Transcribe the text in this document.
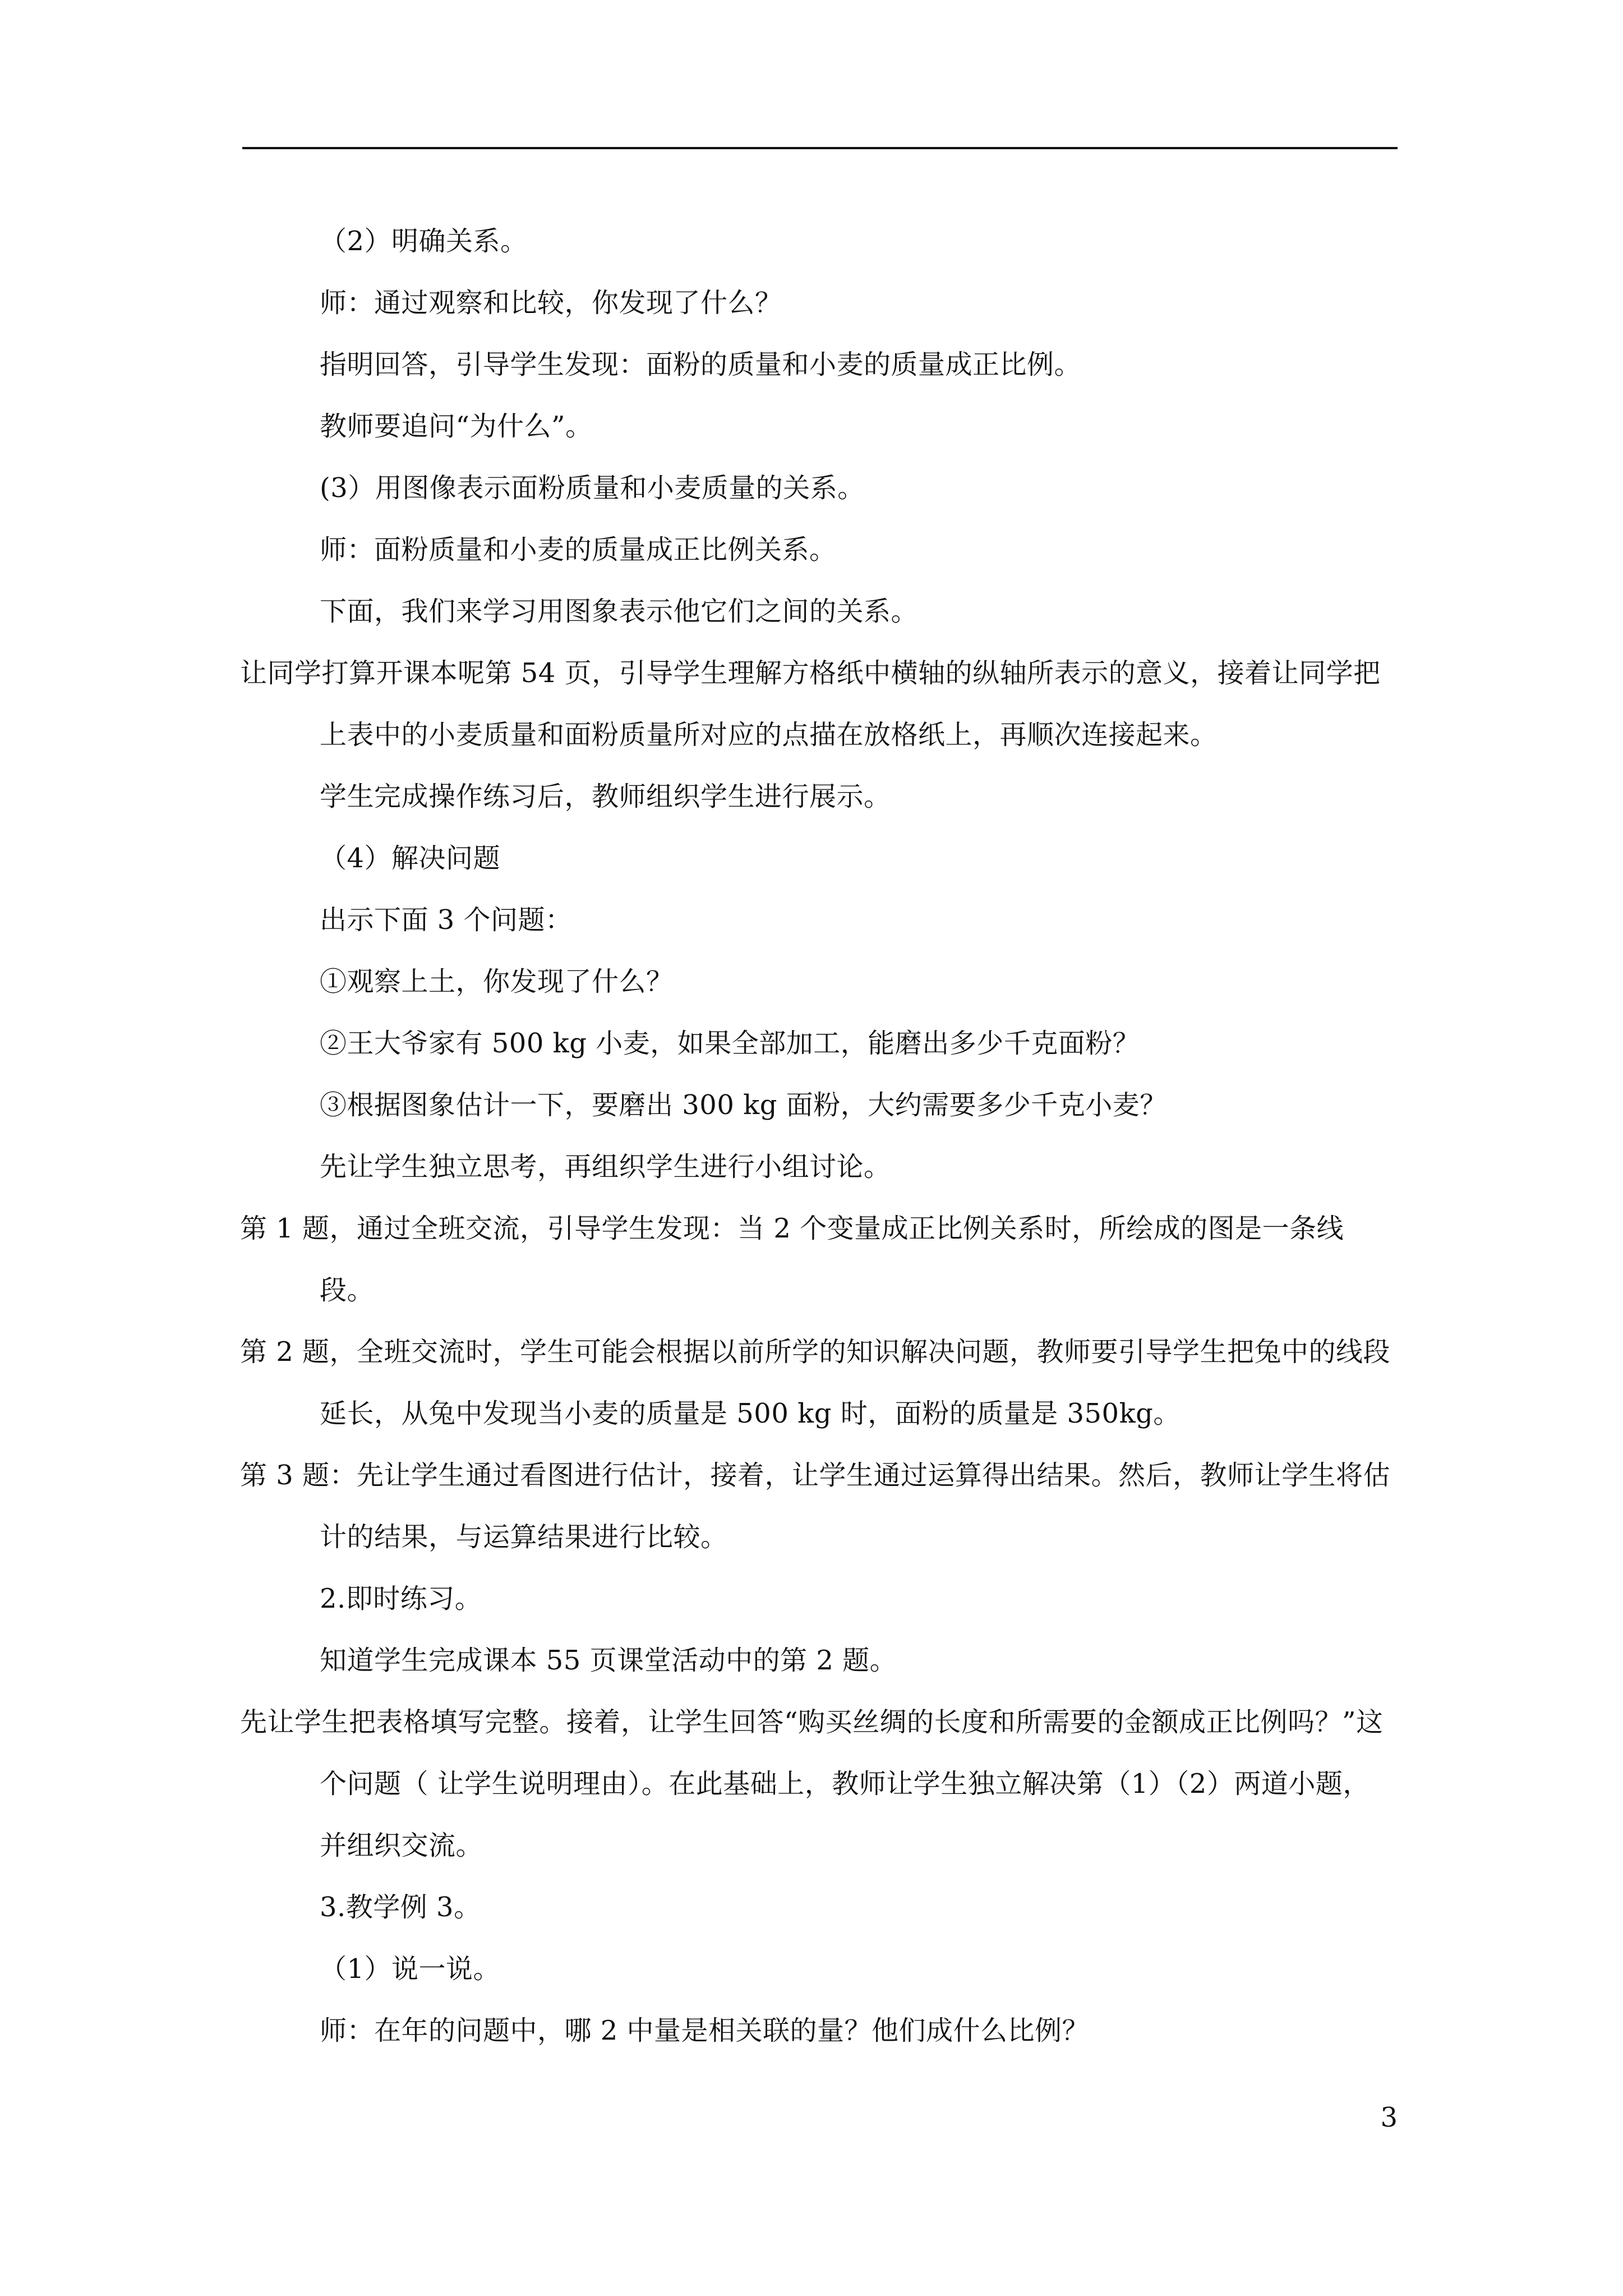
（2）明确关系。

师：通过观察和比较，你发现了什么？

指明回答，引导学生发现：面粉的质量和小麦的质量成正比例。

教师要追问“为什么”。

(3）用图像表示面粉质量和小麦质量的关系。

师：面粉质量和小麦的质量成正比例关系。

下面，我们来学习用图象表示他它们之间的关系。

让同学打算开课本呢第 54 页，引导学生理解方格纸中横轴的纵轴所表示的意义，接着让同学把上表中的小麦质量和面粉质量所对应的点描在放格纸上，再顺次连接起来。

学生完成操作练习后，教师组织学生进行展示。

（4）解决问题

出示下面 3 个问题：

①观察上土，你发现了什么？

②王大爷家有 500 kg 小麦，如果全部加工，能磨出多少千克面粉？

③根据图象估计一下，要磨出 300 kg 面粉，大约需要多少千克小麦？

先让学生独立思考，再组织学生进行小组讨论。

第 1 题，通过全班交流，引导学生发现：当 2 个变量成正比例关系时，所绘成的图是一条线段。

第 2 题，全班交流时，学生可能会根据以前所学的知识解决问题，教师要引导学生把兔中的线段延长，从兔中发现当小麦的质量是 500 kg 时，面粉的质量是 350kg。

第 3 题：先让学生通过看图进行估计，接着，让学生通过运算得出结果。然后，教师让学生将估计的结果，与运算结果进行比较。

2.即时练习。

知道学生完成课本 55 页课堂活动中的第 2 题。

先让学生把表格填写完整。接着，让学生回答“购买丝绸的长度和所需要的金额成正比例吗？”这个问题（ 让学生说明理由）。在此基础上，教师让学生独立解决第（1）（2）两道小题，并组织交流。

3.教学例 3。

（1）说一说。

师：在年的问题中，哪 2 中量是相关联的量？他们成什么比例？

3
